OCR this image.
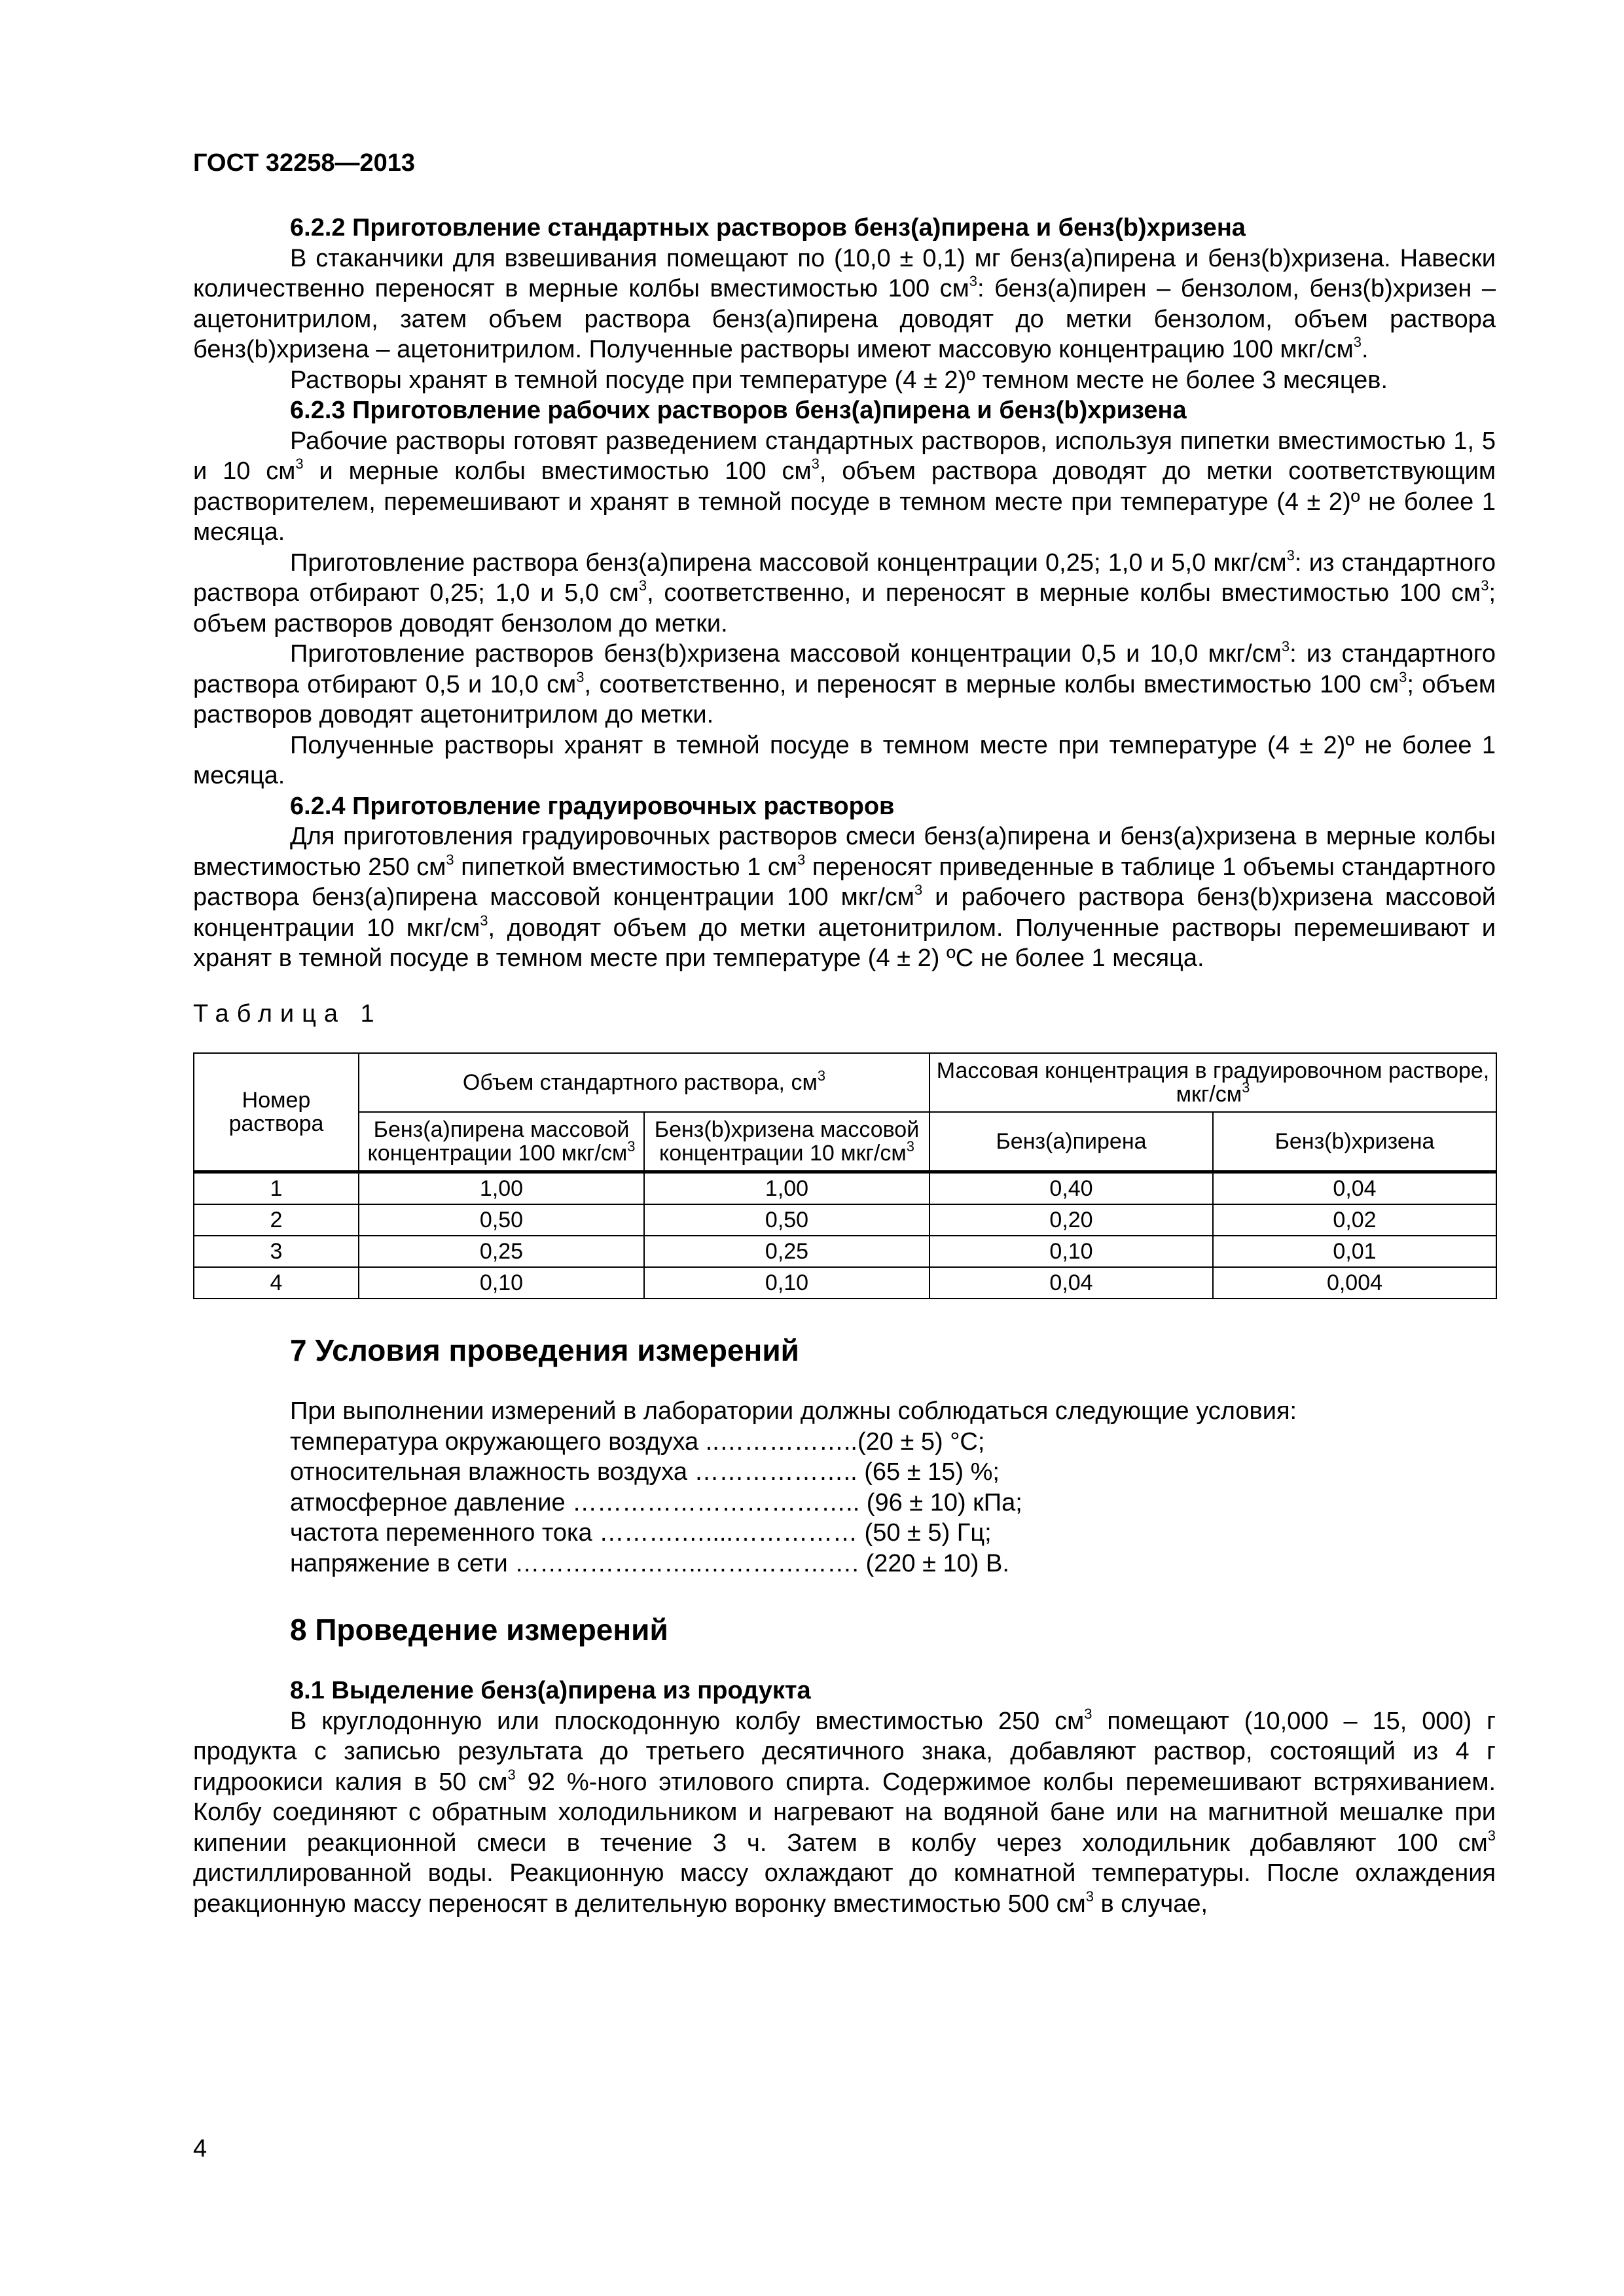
ГОСТ 32258—2013
6.2.2 Приготовление стандартных растворов бенз(а)пирена и бенз(b)хризена

В стаканчики для взвешивания помещают по (10,0 ± 0,1) мг бенз(а)пирена и бенз(b)хризена. Навески количественно переносят в мерные колбы вместимостью 100 $см^3$: бенз(а)пирен – бензолом, бенз(b)хризен – ацетонитрилом, затем объем раствора бенз(а)пирена доводят до метки бензолом, объем раствора бенз(b)хризена – ацетонитрилом. Полученные растворы имеют массовую концентрацию 100 мкг/$см^3$.

Растворы хранят в темной посуде при температуре (4 ± 2)º темном месте не более 3 месяцев.

6.2.3 Приготовление рабочих растворов бенз(а)пирена и бенз(b)хризена

Рабочие растворы готовят разведением стандартных растворов, используя пипетки вместимостью 1, 5 и 10 $см^3$ и мерные колбы вместимостью 100 $см^3$, объем раствора доводят до метки соответствующим растворителем, перемешивают и хранят в темной посуде в темном месте при температуре (4 ± 2)º не более 1 месяца.

Приготовление раствора бенз(а)пирена массовой концентрации 0,25; 1,0 и 5,0 мкг/$см^3$: из стандартного раствора отбирают 0,25; 1,0 и 5,0 $см^3$, соответственно, и переносят в мерные колбы вместимостью 100 $см^3$; объем растворов доводят бензолом до метки.

Приготовление растворов бенз(b)хризена массовой концентрации 0,5 и 10,0 мкг/$см^3$: из стандартного раствора отбирают 0,5 и 10,0 $см^3$, соответственно, и переносят в мерные колбы вместимостью 100 $см^3$; объем растворов доводят ацетонитрилом до метки.

Полученные растворы хранят в темной посуде в темном месте при температуре (4 ± 2)º не более 1 месяца.

6.2.4 Приготовление градуировочных растворов

Для приготовления градуировочных растворов смеси бенз(а)пирена и бенз(а)хризена в мерные колбы вместимостью 250 $см^3$ пипеткой вместимостью 1 $см^3$ переносят приведенные в таблице 1 объемы стандартного раствора бенз(а)пирена массовой концентрации 100 мкг/$см^3$ и рабочего раствора бенз(b)хризена массовой концентрации 10 мкг/$см^3$, доводят объем до метки ацетонитрилом. Полученные растворы перемешивают и хранят в темной посуде в темном месте при температуре (4 ± 2) ºC не более 1 месяца.

Таблица 1

Номер раствора	Объем стандартного раствора, $см^3$		Массовая концентрация в градуировочном растворе, мкг/$см^3$
	Бенз(а)пирена массовой концентрации 100 мкг/$см^3$	Бенз(b)хризена массовой концентрации 10 мкг/$см^3$	Бенз(а)пирена	Бенз(b)хризена
1	1,00	1,00	0,40	0,04
2	0,50	0,50	0,20	0,02
3	0,25	0,25	0,10	0,01
4	0,10	0,10	0,04	0,004
7 Условия проведения измерений

При выполнении измерений в лаборатории должны соблюдаться следующие условия:

температура окружающего воздуха ..……………..(20 ± 5) °С;

относительная влажность воздуха ……………….. (65 ± 15) %;

атмосферное давление …………………………….. (96 ± 10) кПа;

частота переменного тока ……….…....…………… (50 ± 5) Гц;

напряжение в сети …………………..………………. (220 ± 10) В.

8 Проведение измерений
8.1 Выделение бенз(а)пирена из продукта

В круглодонную или плоскодонную колбу вместимостью 250 $см^3$ помещают (10,000 – 15, 000) г продукта с записью результата до третьего десятичного знака, добавляют раствор, состоящий из 4 г гидроокиси калия в 50 $см^3$ 92 %-ного этилового спирта. Содержимое колбы перемешивают встряхиванием. Колбу соединяют с обратным холодильником и нагревают на водяной бане или на магнитной мешалке при кипении реакционной смеси в течение 3 ч. Затем в колбу через холодильник добавляют 100 $см^3$ дистиллированной воды. Реакционную массу охлаждают до комнатной температуры. После охлаждения реакционную массу переносят в делительную воронку вместимостью 500 $см^3$ в случае,

4
